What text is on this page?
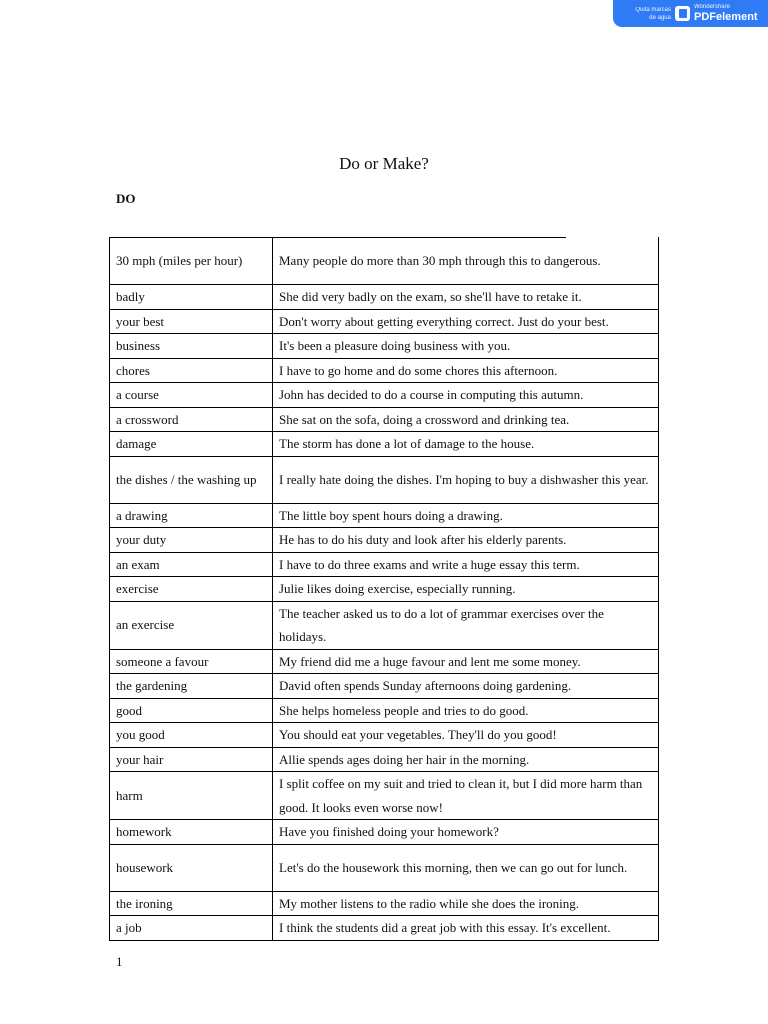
Quita marcas
de agua
Wondershare
PDFelement
Do or Make?
DO
30 mph (miles per hour)	Many people do more than 30 mph through this to​ dangerous.
badly	She did very badly on the exam, so she'll have to retake it.
your best	Don't worry about getting everything correct. Just do your best.
business	It's been a pleasure doing business with you.
chores	I have to go home and do some chores this afternoon.
a course	John has decided to do a course in computing this autumn.
a crossword	She sat on the sofa, doing a crossword and drinking tea.
damage	The storm has done a lot of damage to the house.
the dishes / the washing up	I really hate doing the dishes. I'm hoping to buy a dishwasher this year.
a drawing	The little boy spent hours doing a drawing.
your duty	He has to do his duty and look after his elderly parents.
an exam	I have to do three exams and write a huge essay this term.
exercise	Julie likes doing exercise, especially running.
an exercise	The teacher asked us to do a lot of grammar exercises over the holidays.
someone a favour	My friend did me a huge favour and lent me some money.
the gardening	David often spends Sunday afternoons doing gardening.
good	She helps homeless people and tries to do good.
you good	You should eat your vegetables. They'll do you good!
your hair	Allie spends ages doing her hair in the morning.
harm	I split coffee on my suit and tried to clean it, but I did more harm than good. It looks even worse now!
homework	Have you finished doing your homework?
housework	Let's do the housework this morning, then we can go out for lunch.
the ironing	My mother listens to the radio while she does the ironing.
a job	I think the students did a great job with this essay. It's excellent.
1
